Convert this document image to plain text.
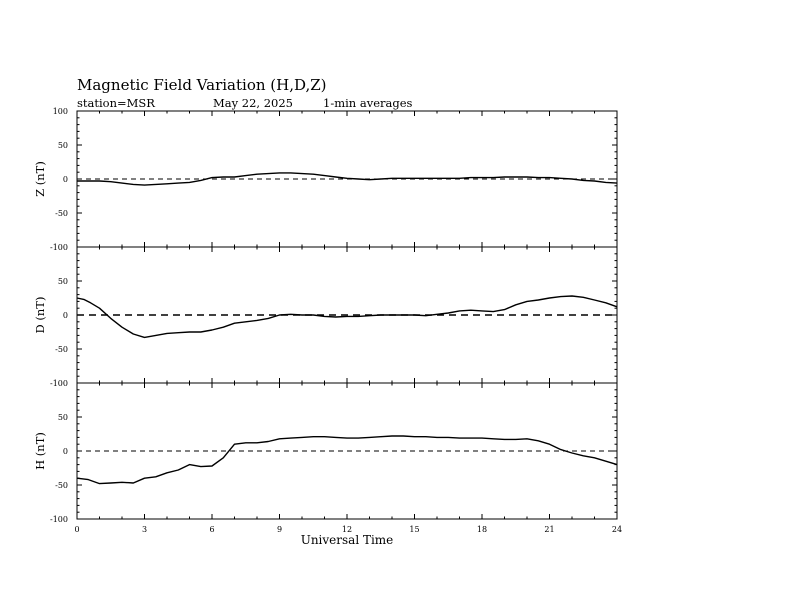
Magnetic Field Variation (H,D,Z)
station=MSR	May 22, 2025	1-min averages
100
50
0
-50
-100
Z (nT)
50
0
-50
-100
D (nT)
50
0
-50
-100
H (nT)
0	3	6	9	12	15	18	21	24
Universal Time
